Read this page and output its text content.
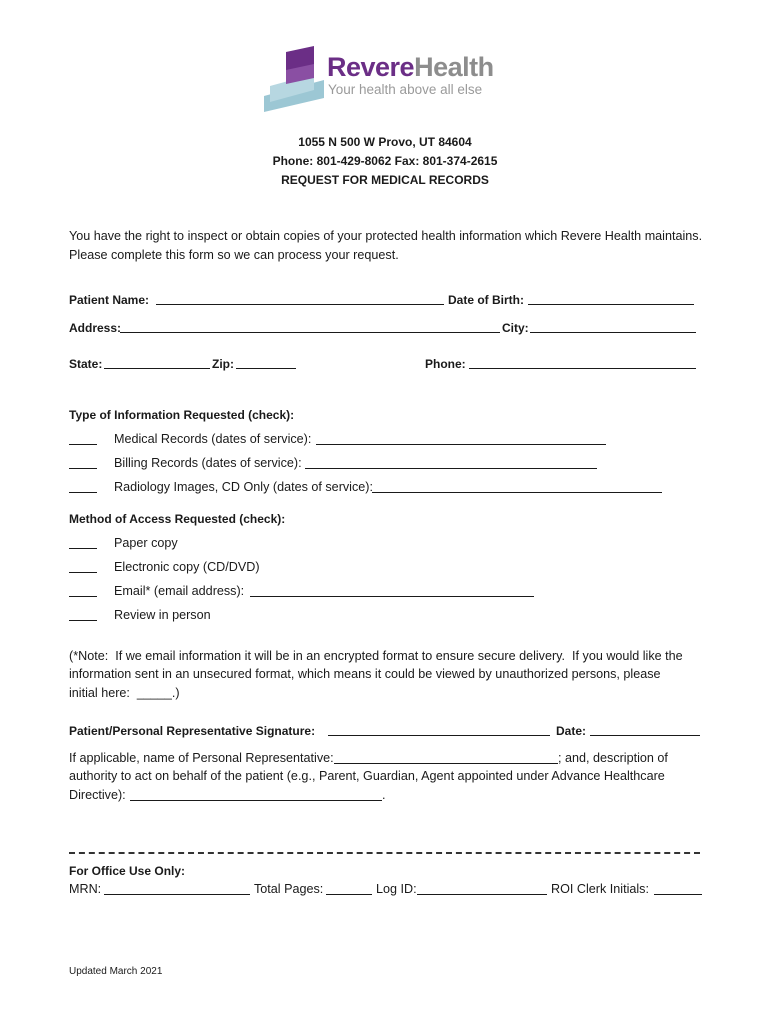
RevereHealth
Your health above all else
1055 N 500 W Provo, UT 84604
Phone: 801-429-8062 Fax: 801-374-2615
REQUEST FOR MEDICAL RECORDS
You have the right to inspect or obtain copies of your protected health information which Revere Health maintains. Please complete this form so we can process your request.
Patient Name:	Date of Birth:
Address:	City:
State:	Zip:	Phone:
Type of Information Requested (check):
Medical Records (dates of service):
Billing Records (dates of service):
Radiology Images, CD Only (dates of service):
Method of Access Requested (check):
Paper copy
Electronic copy (CD/DVD)
Email* (email address):
Review in person
(*Note:  If we email information it will be in an encrypted format to ensure secure delivery.  If you would like the
information sent in an unsecured format, which means it could be viewed by unauthorized persons, please
initial here:  _____.)
Patient/Personal Representative Signature:	Date:
If applicable, name of Personal Representative:	; and, description of
authority to act on behalf of the patient (e.g., Parent, Guardian, Agent appointed under Advance Healthcare
Directive):	.
For Office Use Only:
MRN:	Total Pages:	Log ID:	ROI Clerk Initials:
Updated March 2021
